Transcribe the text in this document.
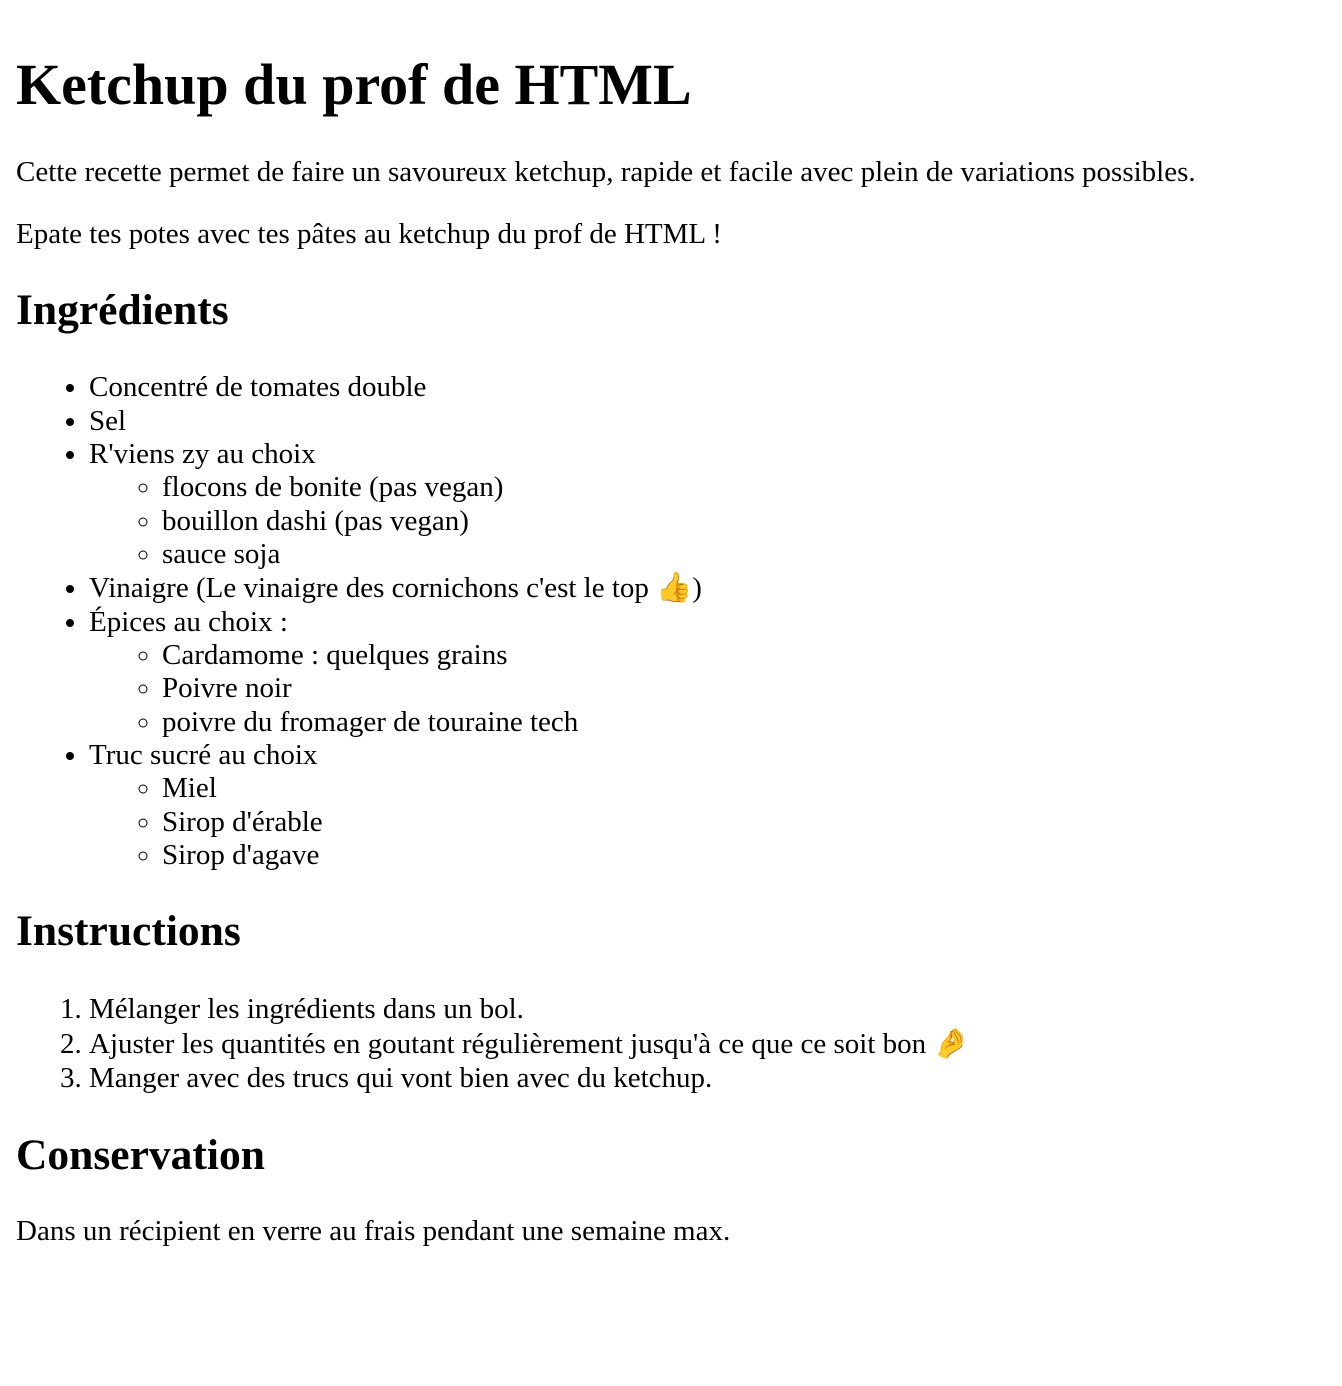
Ketchup du prof de HTML

Cette recette permet de faire un savoureux ketchup, rapide et facile avec plein de variations possibles.

Epate tes potes avec tes pâtes au ketchup du prof de HTML !

Ingrédients
• Concentré de tomates double
• Sel
• R'viens zy au choix
◦ flocons de bonite (pas vegan)
◦ bouillon dashi (pas vegan)
◦ sauce soja
• Vinaigre (Le vinaigre des cornichons c'est le top 👍)
• Épices au choix :
◦ Cardamome : quelques grains
◦ Poivre noir
◦ poivre du fromager de touraine tech
• Truc sucré au choix
◦ Miel
◦ Sirop d'érable
◦ Sirop d'agave
Instructions
1. Mélanger les ingrédients dans un bol.
2. Ajuster les quantités en goutant régulièrement jusqu'à ce que ce soit bon 🤌
3. Manger avec des trucs qui vont bien avec du ketchup.
Conservation

Dans un récipient en verre au frais pendant une semaine max.
